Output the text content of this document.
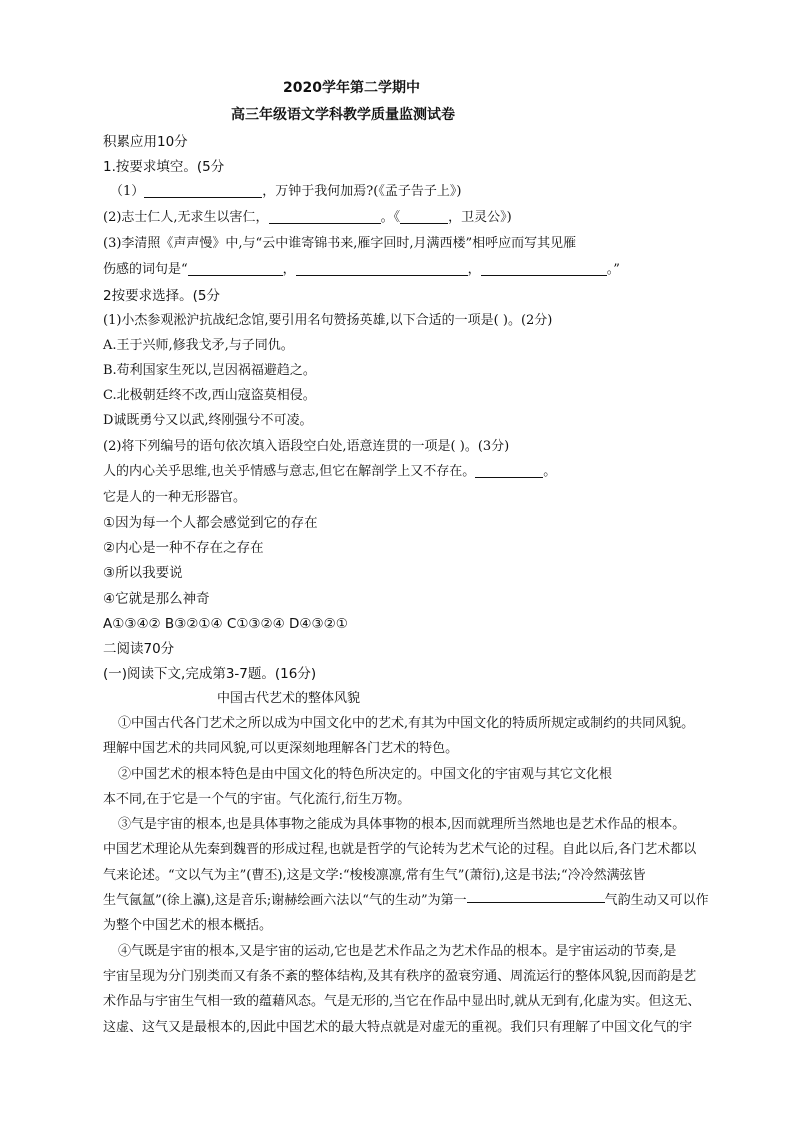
2020学年第二学期中
高三年级语文学科教学质量监测试卷
积累应用10分
1.按要求填空。(5分
（1）	，万钟于我何加焉?(《孟子告子上》)
(2)志士仁人,无求生以害仁，	。《	，卫灵公》)
(3)李清照《声声慢》中,与“云中谁寄锦书来,雁字回时,月满西楼”相呼应而写其见雁
伤感的词句是“	，	，	。”
2按要求选择。(5分
(1)小杰参观淞沪抗战纪念馆,要引用名句赞扬英雄,以下合适的一项是( )。(2分)
A.王于兴师,修我戈矛,与子同仇。
B.苟利国家生死以,岂因祸福避趋之。
C.北极朝廷终不改,西山寇盗莫相侵。
D诚既勇兮又以武,终刚强兮不可凌。
(2)将下列编号的语句依次填入语段空白处,语意连贯的一项是( )。(3分)
人的内心关乎思维,也关乎情感与意志,但它在解剖学上又不存在。	。
它是人的一种无形器官。
①因为每一个人都会感觉到它的存在
②内心是一种不存在之存在
③所以我要说
④它就是那么神奇
A①③④② B③②①④ C①③②④ D④③②①
二阅读70分
(一)阅读下文,完成第3-7题。(16分)
中国古代艺术的整体风貌
①中国古代各门艺术之所以成为中国文化中的艺术,有其为中国文化的特质所规定或制约的共同风貌。
理解中国艺术的共同风貌,可以更深刻地理解各门艺术的特色。
②中国艺术的根本特色是由中国文化的特色所决定的。中国文化的宇宙观与其它文化根
本不同,在于它是一个气的宇宙。气化流行,衍生万物。
③气是宇宙的根本,也是具体事物之能成为具体事物的根本,因而就理所当然地也是艺术作品的根本。
中国艺术理论从先秦到魏晋的形成过程,也就是哲学的气论转为艺术气论的过程。自此以后,各门艺术都以
气来论述。“文以气为主”(曹丕),这是文学:“梭梭凛凛,常有生气”(萧衍),这是书法;“冷冷然满弦皆
生气氤氲”(徐上瀛),这是音乐;谢赫绘画六法以“气的生动”为第一	气韵生动又可以作
为整个中国艺术的根本概括。
④气既是宇宙的根本,又是宇宙的运动,它也是艺术作品之为艺术作品的根本。是宇宙运动的节奏,是
宇宙呈现为分门别类而又有条不紊的整体结构,及其有秩序的盈衰穷通、周流运行的整体风貌,因而韵是艺
术作品与宇宙生气相一致的蕴藉风态。气是无形的,当它在作品中显出时,就从无到有,化虚为实。但这无、
这虚、这气又是最根本的,因此中国艺术的最大特点就是对虚无的重视。我们只有理解了中国文化气的宇
